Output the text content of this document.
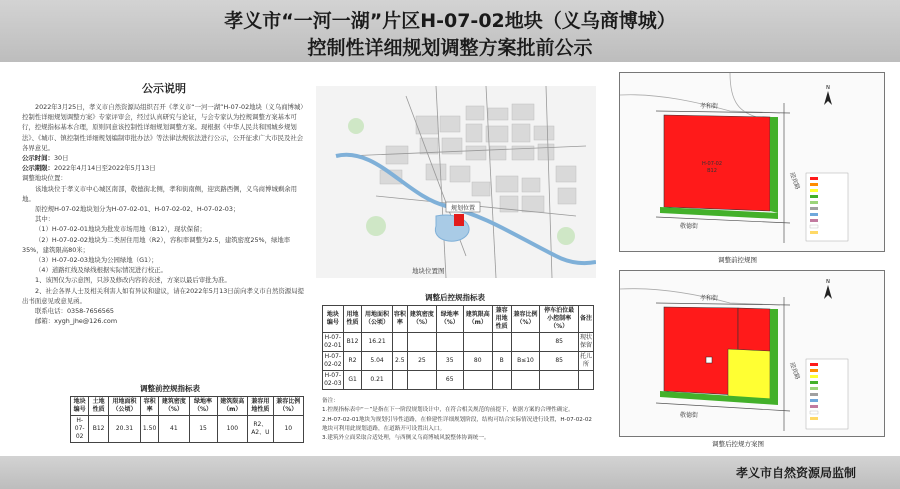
孝义市“一河一湖”片区H-07-02地块（义乌商博城）
控制性详细规划调整方案批前公示
公示说明

2022年3月25日，孝义市自然资源局组织召开《孝义市“一河一湖”H-07-02地块（义乌商博城）控制性详细规划调整方案》专家评审会，经过认真研究与论证，与会专家认为控规调整方案基本可行，控规指标基本合理，原则同意该控制性详细规划调整方案。现根据《中华人民共和国城乡规划法》、《城市、镇控制性详细规划编制审批办法》等法律法规依法进行公示，公开征求广大市民及社会各界意见。

公示时间：30日

公示期限：2022年4月14日至2022年5月13日

调整地块位置：

该地块位于孝义市中心城区南部，敬德街北侧，孝和街南侧，迎宾路西侧，义乌商博城剩余用地。

原控规H-07-02地块划分为H-07-02-01、H-07-02-02、H-07-02-03；

其中：

（1）H-07-02-01地块为批发市场用地（B12），现状保留；

（2）H-07-02-02地块为二类居住用地（R2），容积率调整为2.5，建筑密度25%，绿地率35%，建筑限高80米；

（3）H-07-02-03地块为公园绿地（G1）；

（4）道路红线及绿线根据实际情况进行校正。

1、该图仅为示意图，只涉及修改内容的表述，方案以最后审批为准。

2、社会各界人士及相关利害人如有异议和建议，请在2022年5月13日前向孝义市自然资源局提出书面意见或意见函。

联系电话：0358-7656565

邮箱：xygh_jhe@126.com

调整前控规指标表
地块编号	土地性质	用地面积（公顷）	容积率	建筑密度（%）	绿地率（%）	建筑限高（m）	兼容用地性质	兼容比例（%）
H-07-02	B12	20.31	1.50	41	15	100	R2、A2、U	10
规划位置
地块位置图
调整后控规指标表
地块编号	用地性质	用地面积（公顷）	容积率	建筑密度（%）	绿地率（%）	建筑限高（m）	兼容用地性质	兼容比例（%）	停车泊位最小控制率（%）	备注
H-07-02-01	B12	16.21							85	现状保留
H-07-02-02	R2	5.04	2.5	25	35	80	B	B≤10	85	托儿所
H-07-02-03	G1	0.21			65					
备注：
1.控规指标表中“－”是指在下一阶段规划设计中，在符合相关规范的前提下，依据方案的合理性确定。
2.H-07-02-01地块为规划引导性道路，在修建性详细规划阶段，结构可结合实际情况进行设置，H-07-02-02地块可利用此规划道路，在道路开可设置出入口。
3.建筑外立面采取合适处理，与西侧义乌商博城风貌整体协调统一。
孝和街
敬德街
迎宾路
H-07-02
B12
N
调整前控规图
孝和街
敬德街
迎宾路
N
调整后控规方案图
孝义市自然资源局监制
